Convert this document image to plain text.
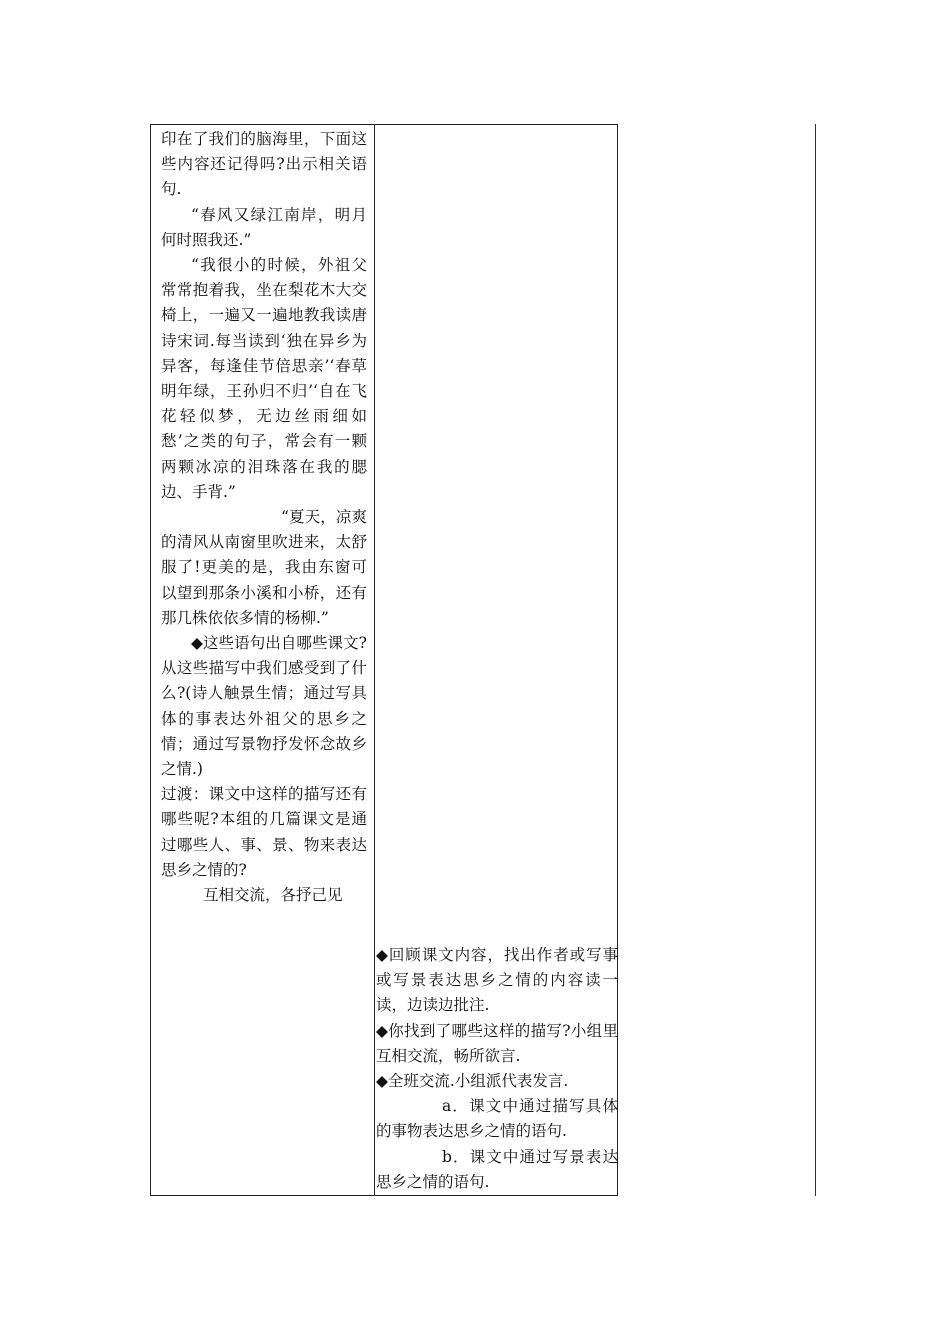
印在了我们的脑海里，下面这些内容还记得吗?出示相关语句.

“春风又绿江南岸，明月何时照我还.”

“我很小的时候，外祖父常常抱着我，坐在梨花木大交椅上，一遍又一遍地教我读唐诗宋词.每当读到‘独在异乡为异客，每逢佳节倍思亲’‘春草明年绿，王孙归不归’‘自在飞花轻似梦，无边丝雨细如愁’之类的句子，常会有一颗两颗冰凉的泪珠落在我的腮边、手背.”

“夏天，凉爽的清风从南窗里吹进来，太舒服了!更美的是，我由东窗可以望到那条小溪和小桥，还有那几株依依多情的杨柳.”

◆这些语句出自哪些课文?从这些描写中我们感受到了什么?(诗人触景生情；通过写具体的事表达外祖父的思乡之情；通过写景物抒发怀念故乡之情.)

过渡：课文中这样的描写还有哪些呢?本组的几篇课文是通过哪些人、事、景、物来表达思乡之情的?

互相交流，各抒己见

◆回顾课文内容，找出作者或写事或写景表达思乡之情的内容读一读，边读边批注.

◆你找到了哪些这样的描写?小组里互相交流，畅所欲言.

◆全班交流.小组派代表发言.

a．课文中通过描写具体的事物表达思乡之情的语句.

b．课文中通过写景表达思乡之情的语句.
